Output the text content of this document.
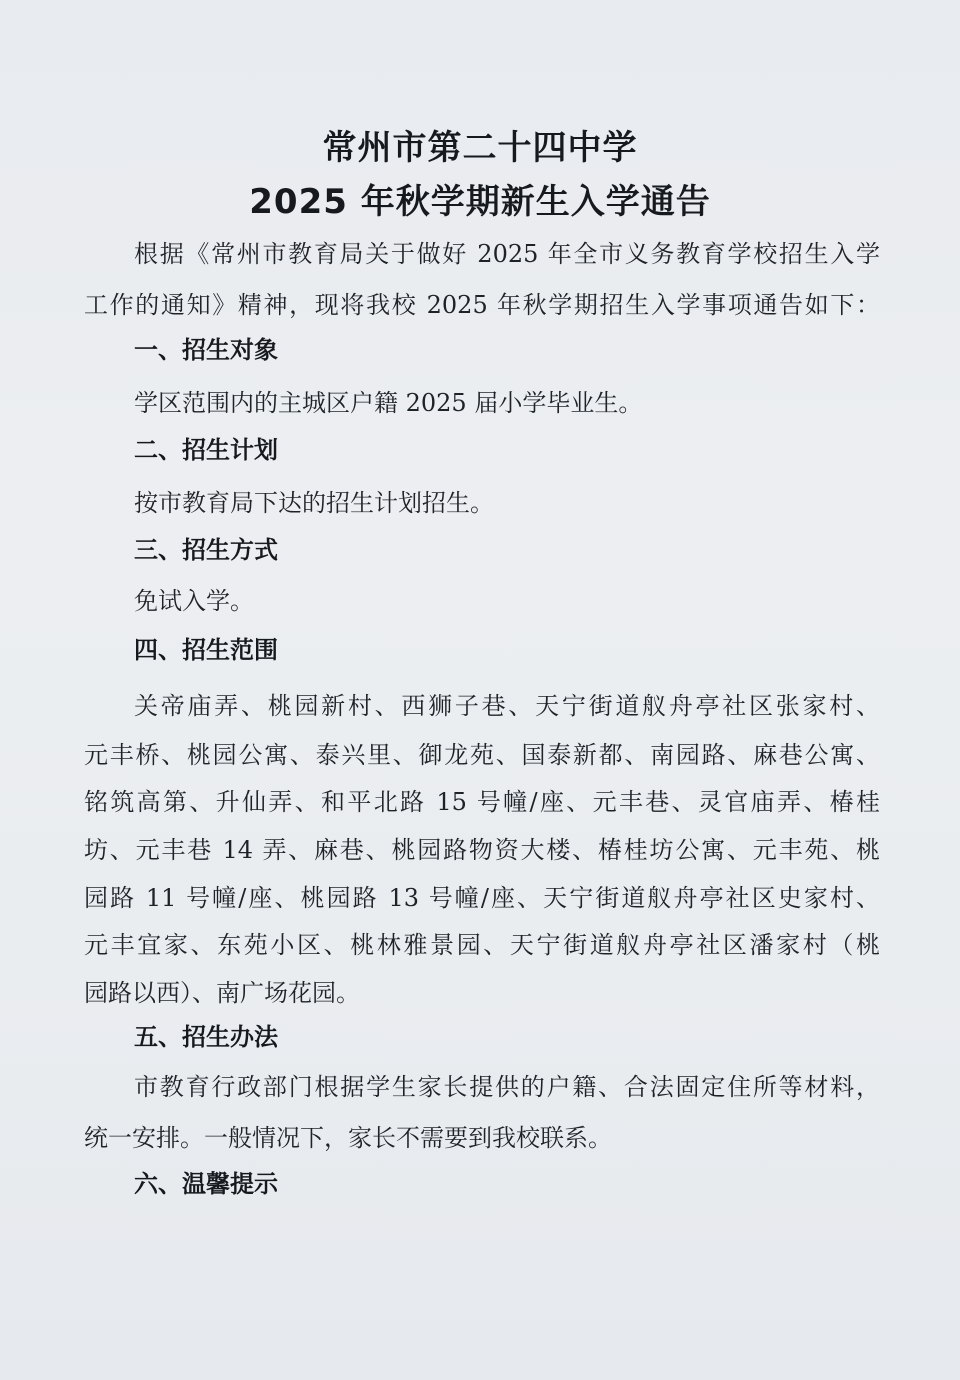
常州市第二十四中学
2025 年秋学期新生入学通告

根据《常州市教育局关于做好 2025 年全市义务教育学校招生入学

工作的通知》精神，现将我校 2025 年秋学期招生入学事项通告如下：

一、招生对象

学区范围内的主城区户籍 2025 届小学毕业生。

二、招生计划

按市教育局下达的招生计划招生。

三、招生方式

免试入学。

四、招生范围

关帝庙弄、桃园新村、西狮子巷、天宁街道舣舟亭社区张家村、

元丰桥、桃园公寓、泰兴里、御龙苑、国泰新都、南园路、麻巷公寓、

铭筑高第、升仙弄、和平北路 15 号幢/座、元丰巷、灵官庙弄、椿桂

坊、元丰巷 14 弄、麻巷、桃园路物资大楼、椿桂坊公寓、元丰苑、桃

园路 11 号幢/座、桃园路 13 号幢/座、天宁街道舣舟亭社区史家村、

元丰宜家、东苑小区、桃林雅景园、天宁街道舣舟亭社区潘家村（桃

园路以西）、南广场花园。

五、招生办法

市教育行政部门根据学生家长提供的户籍、合法固定住所等材料，

统一安排。一般情况下，家长不需要到我校联系。

六、温馨提示
